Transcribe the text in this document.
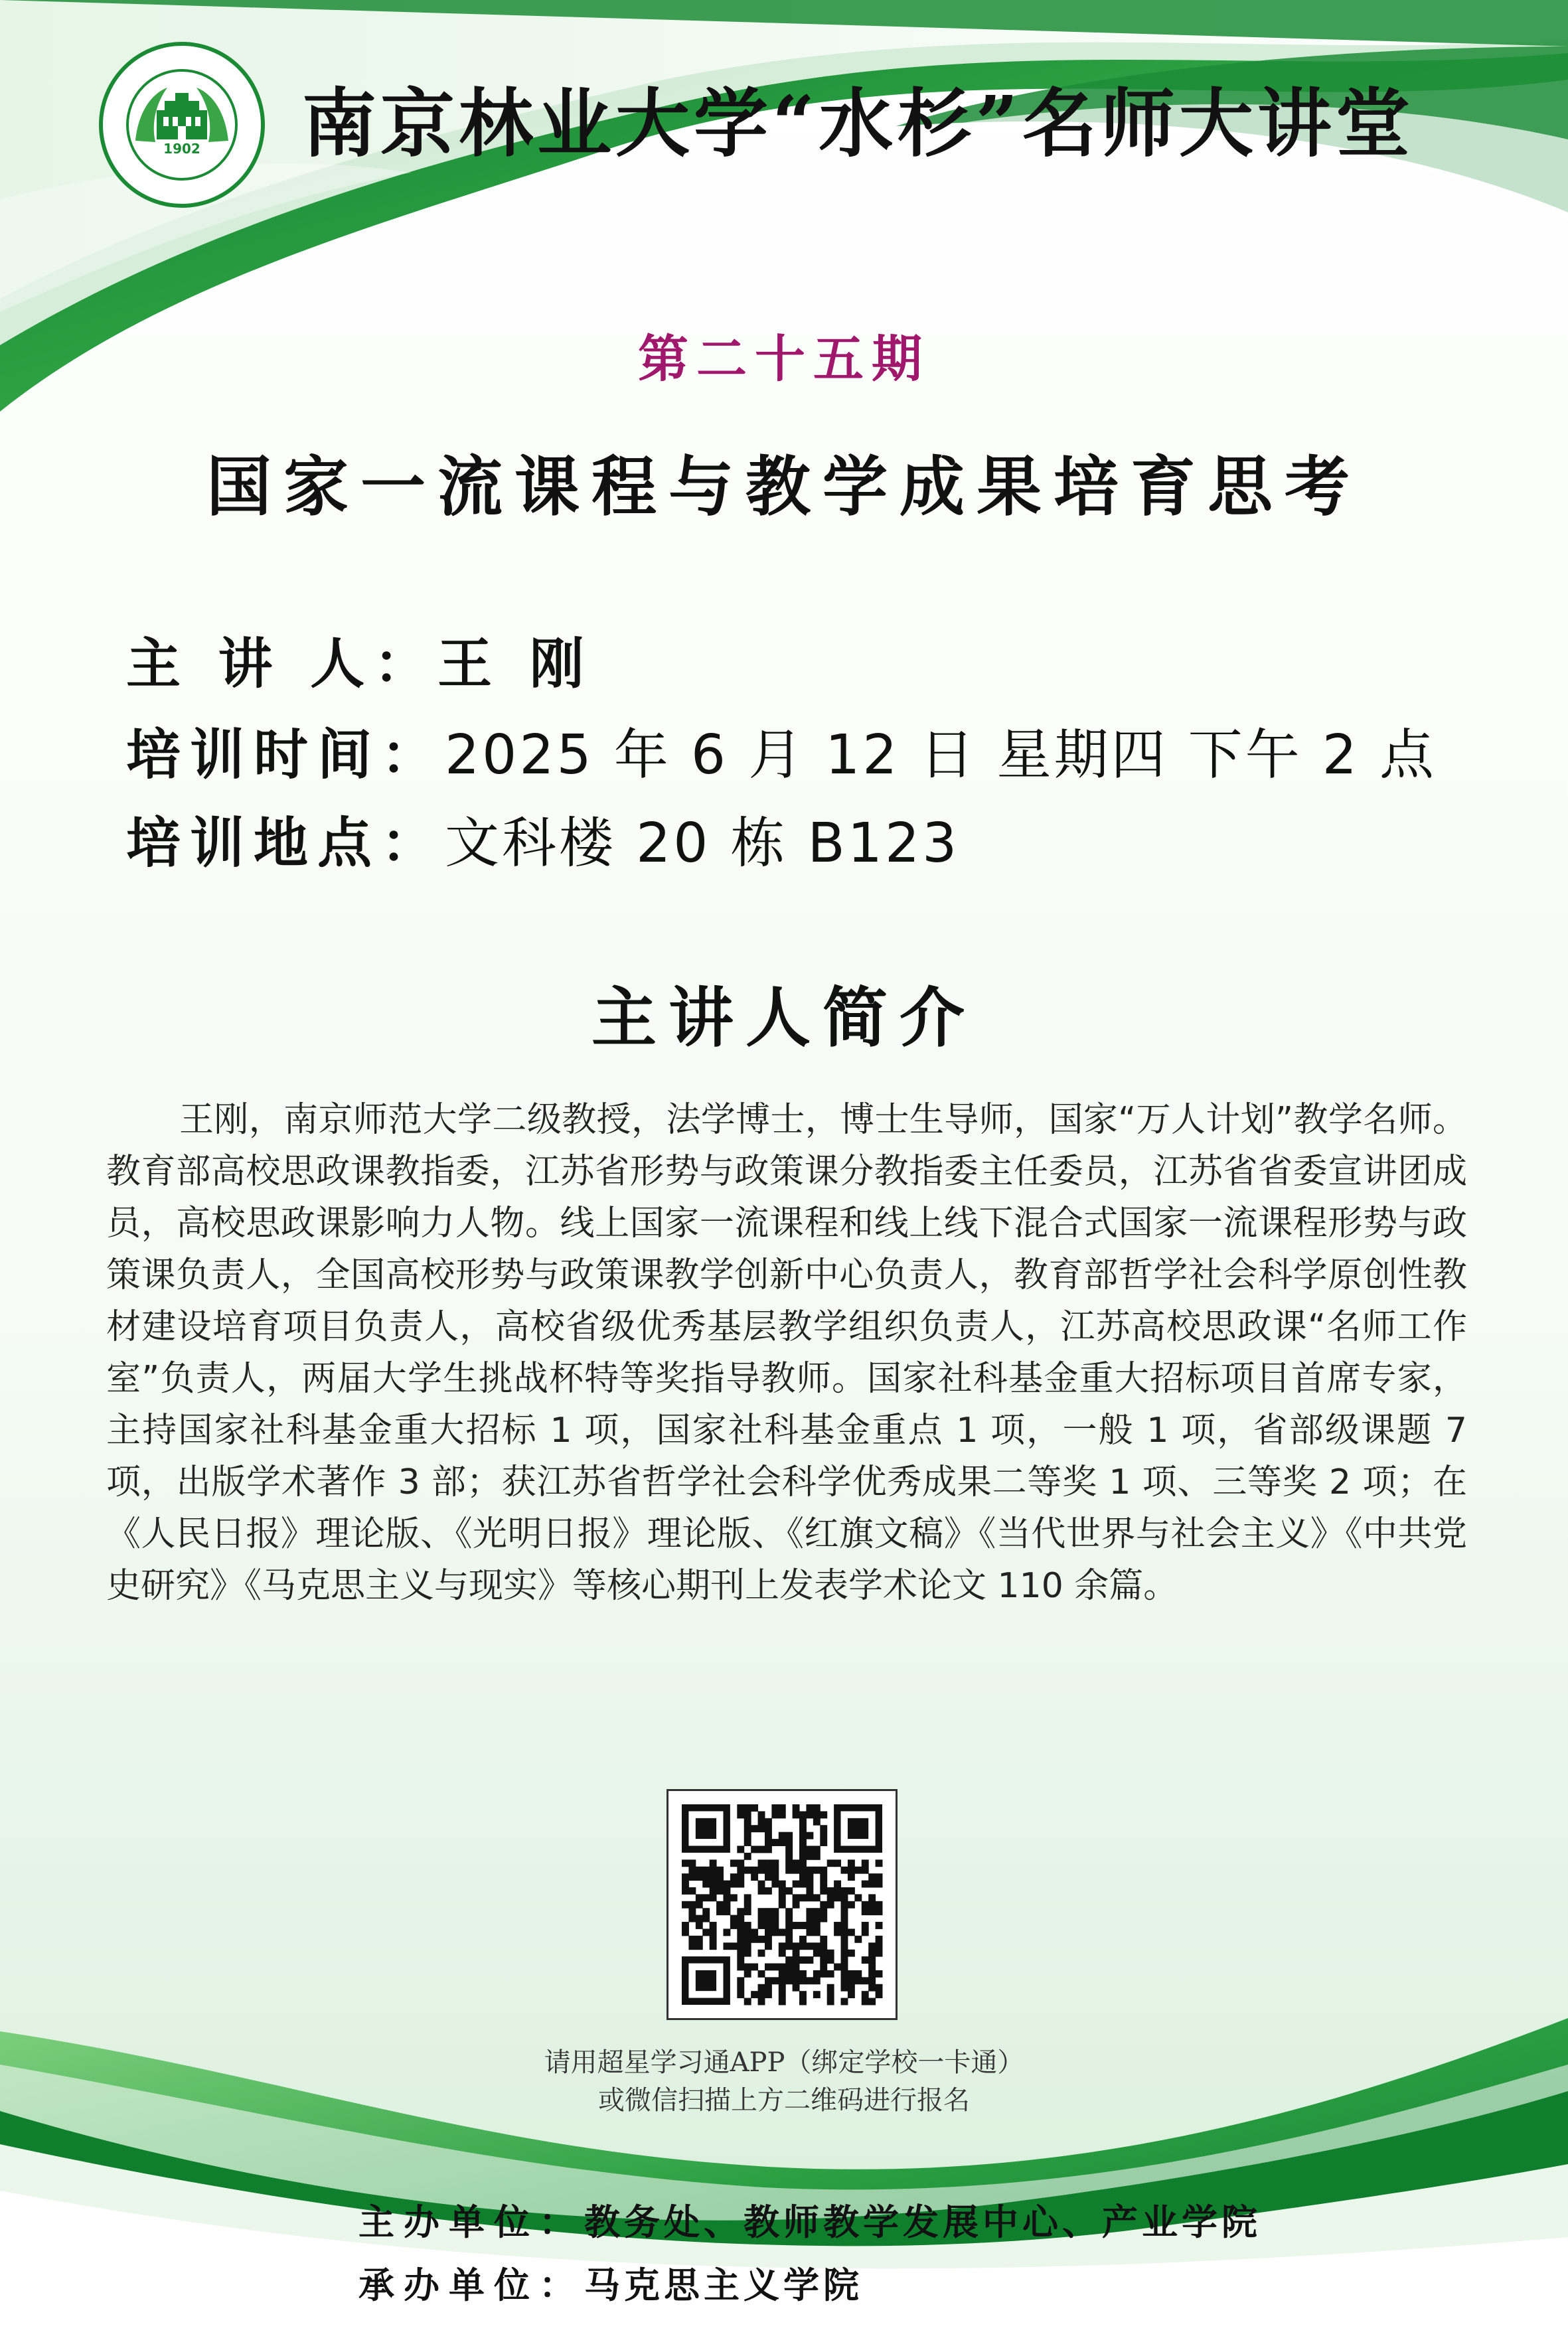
1902 南京林业大学“水杉”名师大讲堂
第二十五期
国家一流课程与教学成果培育思考
主 讲 人：王 刚
培训时间：2025 年 6 月 12 日 星期四 下午 2 点
培训地点：文科楼 20 栋 B123
主讲人简介
王刚，南京师范大学二级教授，法学博士，博士生导师，国家“万人计划”教学名师。教育部高校思政课教指委，江苏省形势与政策课分教指委主任委员，江苏省省委宣讲团成员，高校思政课影响力人物。线上国家一流课程和线上线下混合式国家一流课程形势与政策课负责人，全国高校形势与政策课教学创新中心负责人，教育部哲学社会科学原创性教材建设培育项目负责人，高校省级优秀基层教学组织负责人，江苏高校思政课“名师工作室”负责人，两届大学生挑战杯特等奖指导教师。国家社科基金重大招标项目首席专家，主持国家社科基金重大招标 1 项，国家社科基金重点 1 项，一般 1 项，省部级课题 7 项，出版学术著作 3 部；获江苏省哲学社会科学优秀成果二等奖 1 项、三等奖 2 项；在《人民日报》理论版、《光明日报》理论版、《红旗文稿》《当代世界与社会主义》《中共党史研究》《马克思主义与现实》等核心期刊上发表学术论文 110 余篇。
请用超星学习通APP（绑定学校一卡通）
或微信扫描上方二维码进行报名
主办单位：教务处、教师教学发展中心、产业学院
承办单位：马克思主义学院
